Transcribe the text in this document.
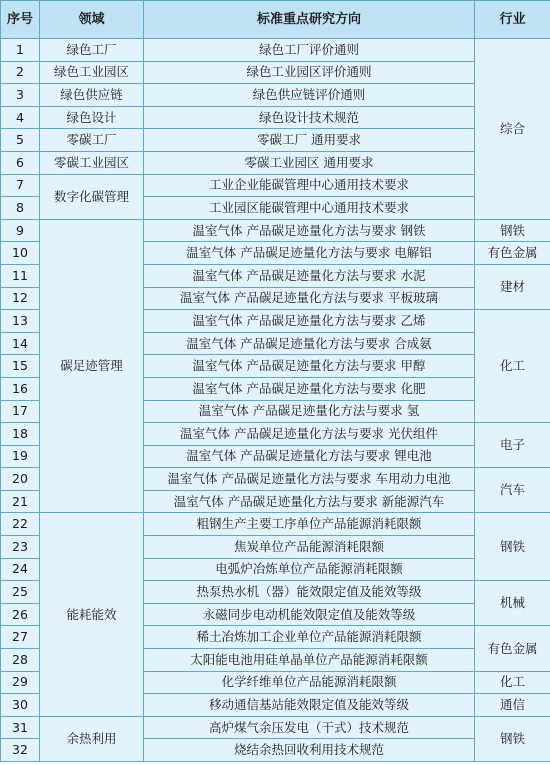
序号	领域	标准重点研究方向	行业
1	绿色工厂	绿色工厂评价通则	综合
2	绿色工业园区	绿色工业园区评价通则	
3	绿色供应链	绿色供应链评价通则	
4	绿色设计	绿色设计技术规范	
5	零碳工厂	零碳工厂 通用要求	
6	零碳工业园区	零碳工业园区 通用要求	
7	数字化碳管理	工业企业能碳管理中心通用技术要求	
8		工业园区能碳管理中心通用技术要求	
9	碳足迹管理	温室气体 产品碳足迹量化方法与要求 钢铁	钢铁
10		温室气体 产品碳足迹量化方法与要求 电解铝	有色金属
11		温室气体 产品碳足迹量化方法与要求 水泥	建材
12		温室气体 产品碳足迹量化方法与要求 平板玻璃	
13		温室气体 产品碳足迹量化方法与要求 乙烯	化工
14		温室气体 产品碳足迹量化方法与要求 合成氨	
15		温室气体 产品碳足迹量化方法与要求 甲醇	
16		温室气体 产品碳足迹量化方法与要求 化肥	
17		温室气体 产品碳足迹量化方法与要求 氢	
18		温室气体 产品碳足迹量化方法与要求 光伏组件	电子
19		温室气体 产品碳足迹量化方法与要求 锂电池	
20		温室气体 产品碳足迹量化方法与要求 车用动力电池	汽车
21		温室气体 产品碳足迹量化方法与要求 新能源汽车	
22	能耗能效	粗钢生产主要工序单位产品能源消耗限额	钢铁
23		焦炭单位产品能源消耗限额	
24		电弧炉冶炼单位产品能源消耗限额	
25		热泵热水机（器）能效限定值及能效等级	机械
26		永磁同步电动机能效限定值及能效等级	
27		稀土冶炼加工企业单位产品能源消耗限额	有色金属
28		太阳能电池用硅单晶单位产品能源消耗限额	
29		化学纤维单位产品能源消耗限额	化工
30		移动通信基站能效限定值及能效等级	通信
31	余热利用	高炉煤气余压发电（干式）技术规范	钢铁
32		烧结余热回收利用技术规范	
